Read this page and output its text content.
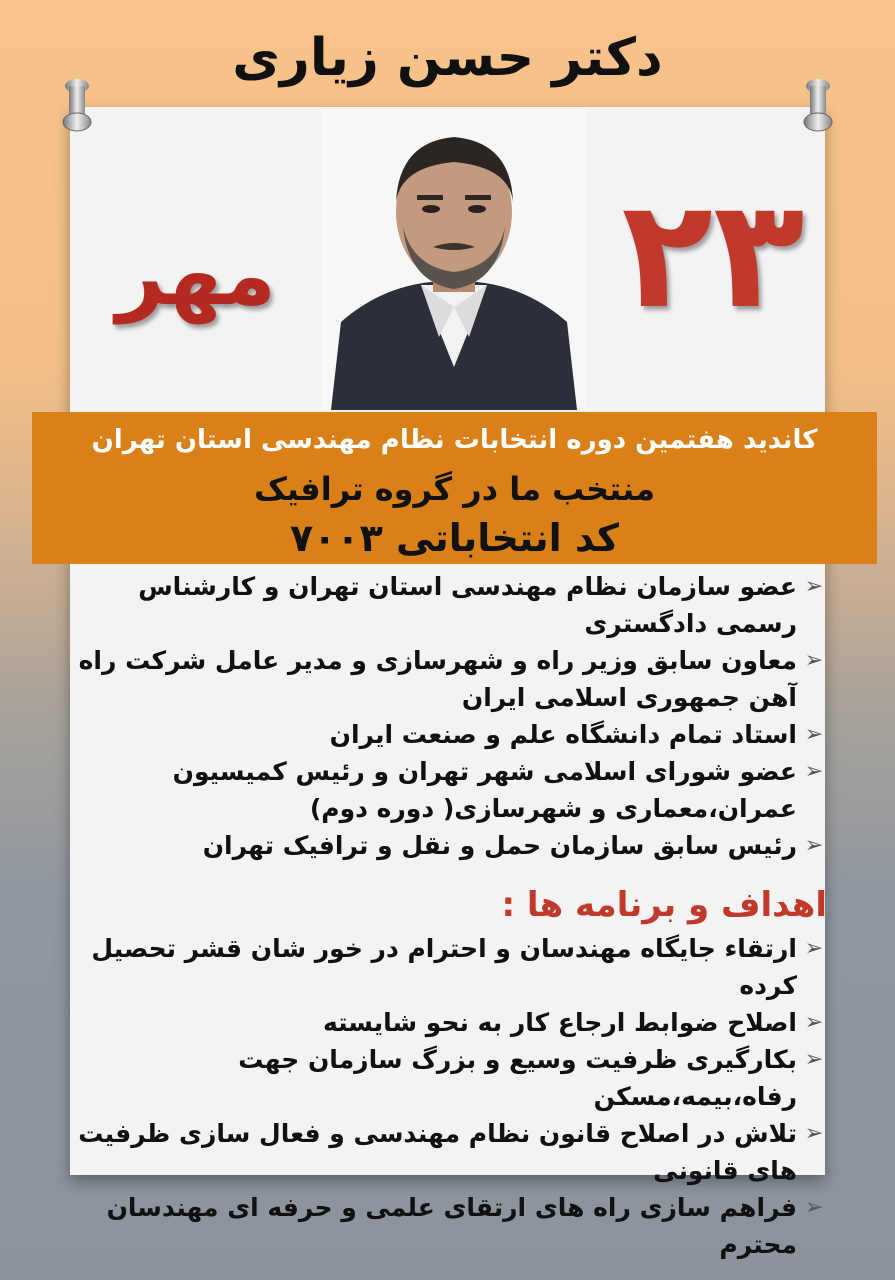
دکتر حسن زیاری
۲۳
مهر
کاندید هفتمین دوره انتخابات نظام مهندسی استان تهران
منتخب ما در گروه ترافیک
کد انتخاباتی ۷۰۰۳
➢
عضو سازمان نظام مهندسی استان تهران و کارشناس رسمی دادگستری
➢
معاون سابق وزیر راه و شهرسازی و مدیر عامل شرکت راه آهن جمهوری اسلامی ایران
➢
استاد تمام دانشگاه علم و صنعت ایران
➢
عضو شورای اسلامی شهر تهران و رئیس کمیسیون عمران،معماری و شهرسازی( دوره دوم)
➢
رئیس سابق سازمان حمل و نقل و ترافیک تهران
اهداف و برنامه ها :
➢
ارتقاء جایگاه مهندسان و احترام در خور شان قشر تحصیل کرده
➢
اصلاح ضوابط ارجاع کار به نحو شایسته
➢
بکارگیری ظرفیت وسیع و بزرگ سازمان جهت رفاه،بیمه،مسکن
➢
تلاش در اصلاح قانون نظام مهندسی و فعال سازی ظرفیت های قانونی
➢
فراهم سازی راه های ارتقای علمی و حرفه ای مهندسان محترم
